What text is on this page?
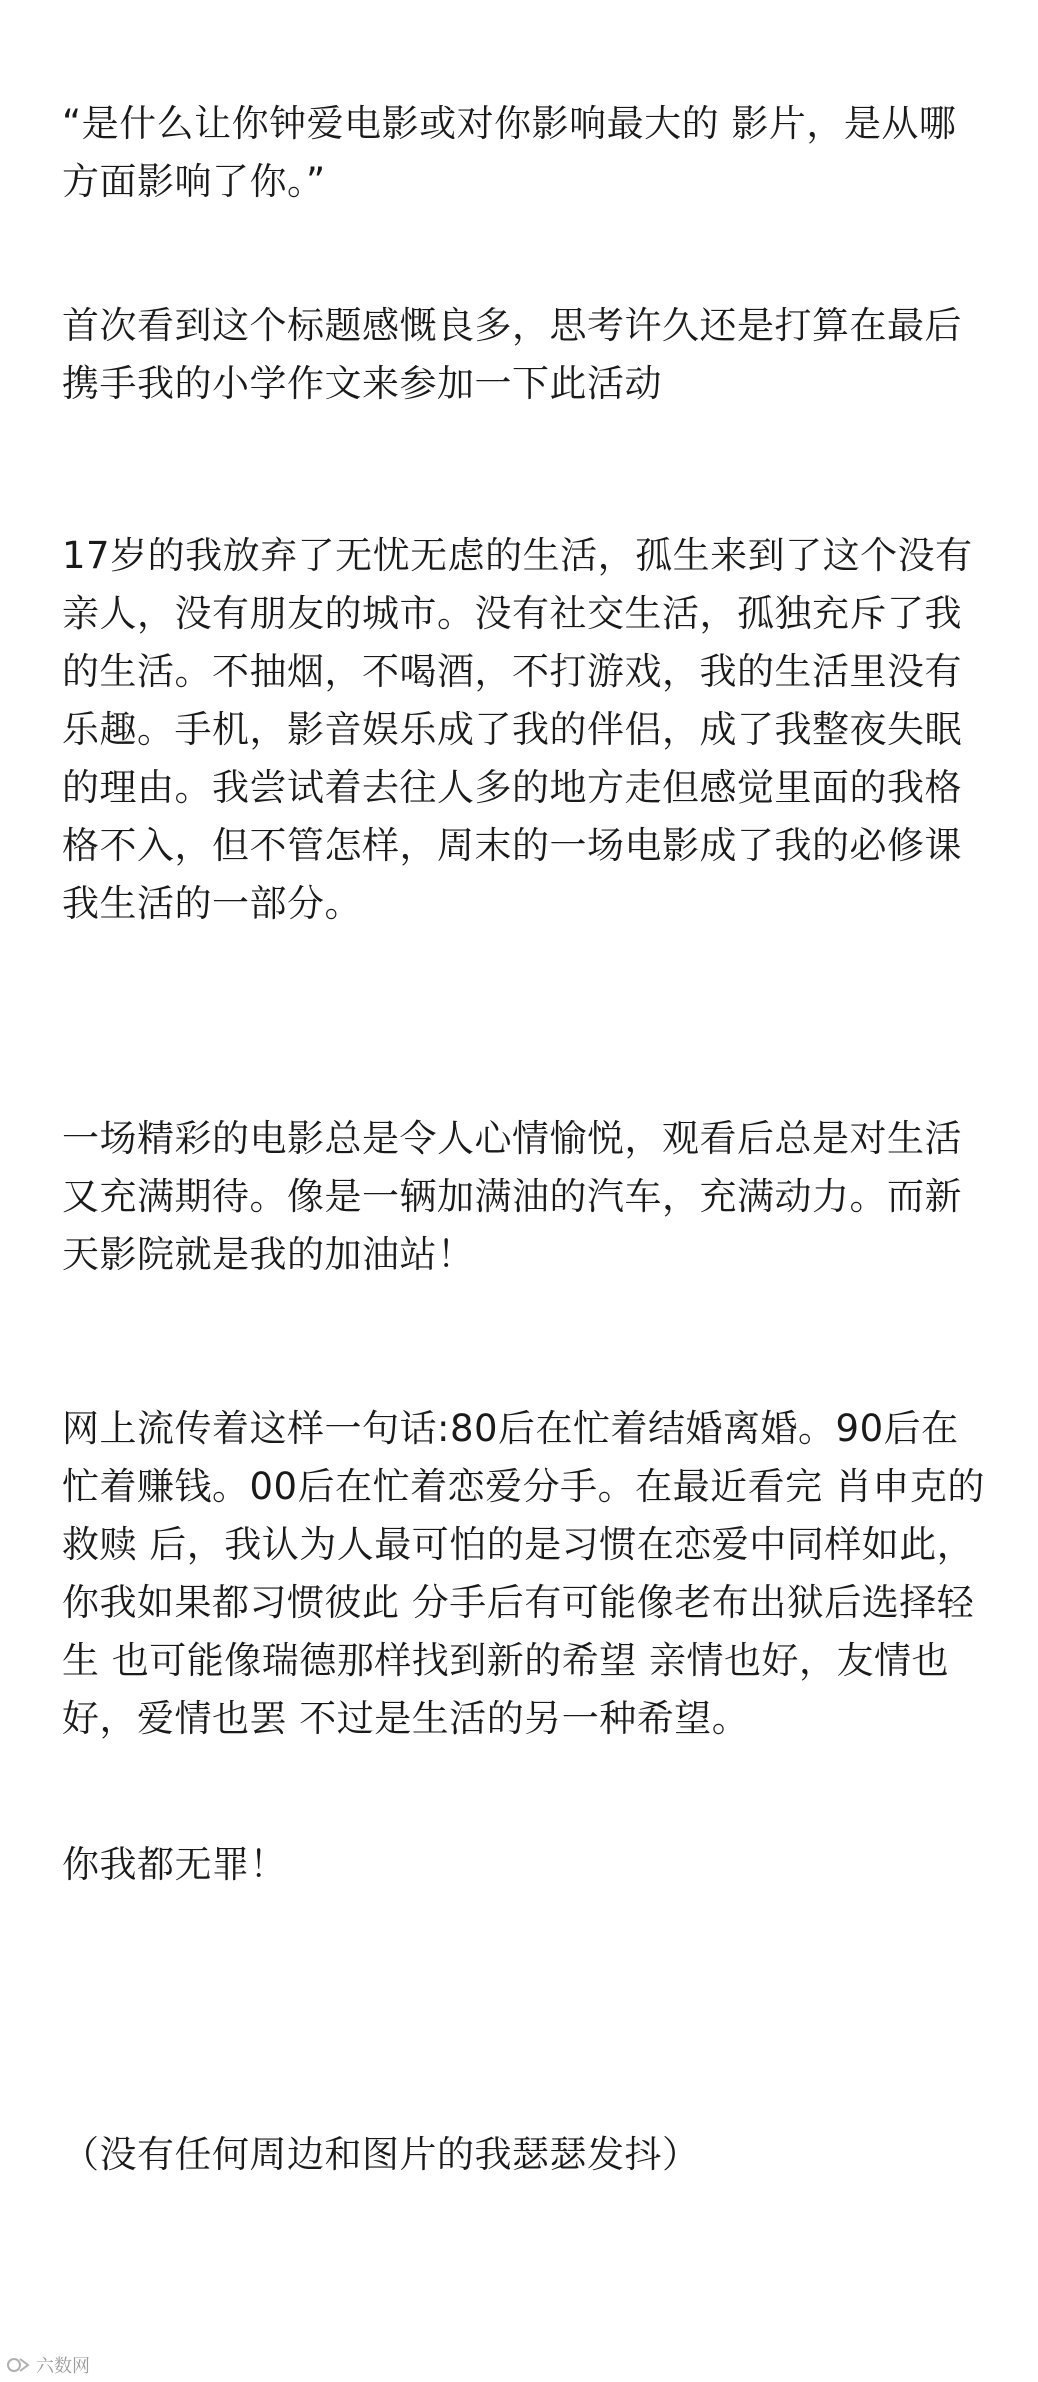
“是什么让你钟爱电影或对你影响最大的 影片，是从哪方面影响了你。”

首次看到这个标题感慨良多，思考许久还是打算在最后携手我的小学作文来参加一下此活动

17岁的我放弃了无忧无虑的生活，孤生来到了这个没有亲人，没有朋友的城市。没有社交生活，孤独充斥了我的生活。不抽烟，不喝酒，不打游戏，我的生活里没有乐趣。手机，影音娱乐成了我的伴侣，成了我整夜失眠的理由。我尝试着去往人多的地方走但感觉里面的我格格不入，但不管怎样，周末的一场电影成了我的必修课我生活的一部分。

一场精彩的电影总是令人心情愉悦，观看后总是对生活又充满期待。像是一辆加满油的汽车，充满动力。而新天影院就是我的加油站！

网上流传着这样一句话:80后在忙着结婚离婚。90后在忙着赚钱。00后在忙着恋爱分手。在最近看完 肖申克的救赎 后，我认为人最可怕的是习惯在恋爱中同样如此，你我如果都习惯彼此 分手后有可能像老布出狱后选择轻生 也可能像瑞德那样找到新的希望 亲情也好，友情也好，爱情也罢 不过是生活的另一种希望。

你我都无罪！

（没有任何周边和图片的我瑟瑟发抖）

六数网
